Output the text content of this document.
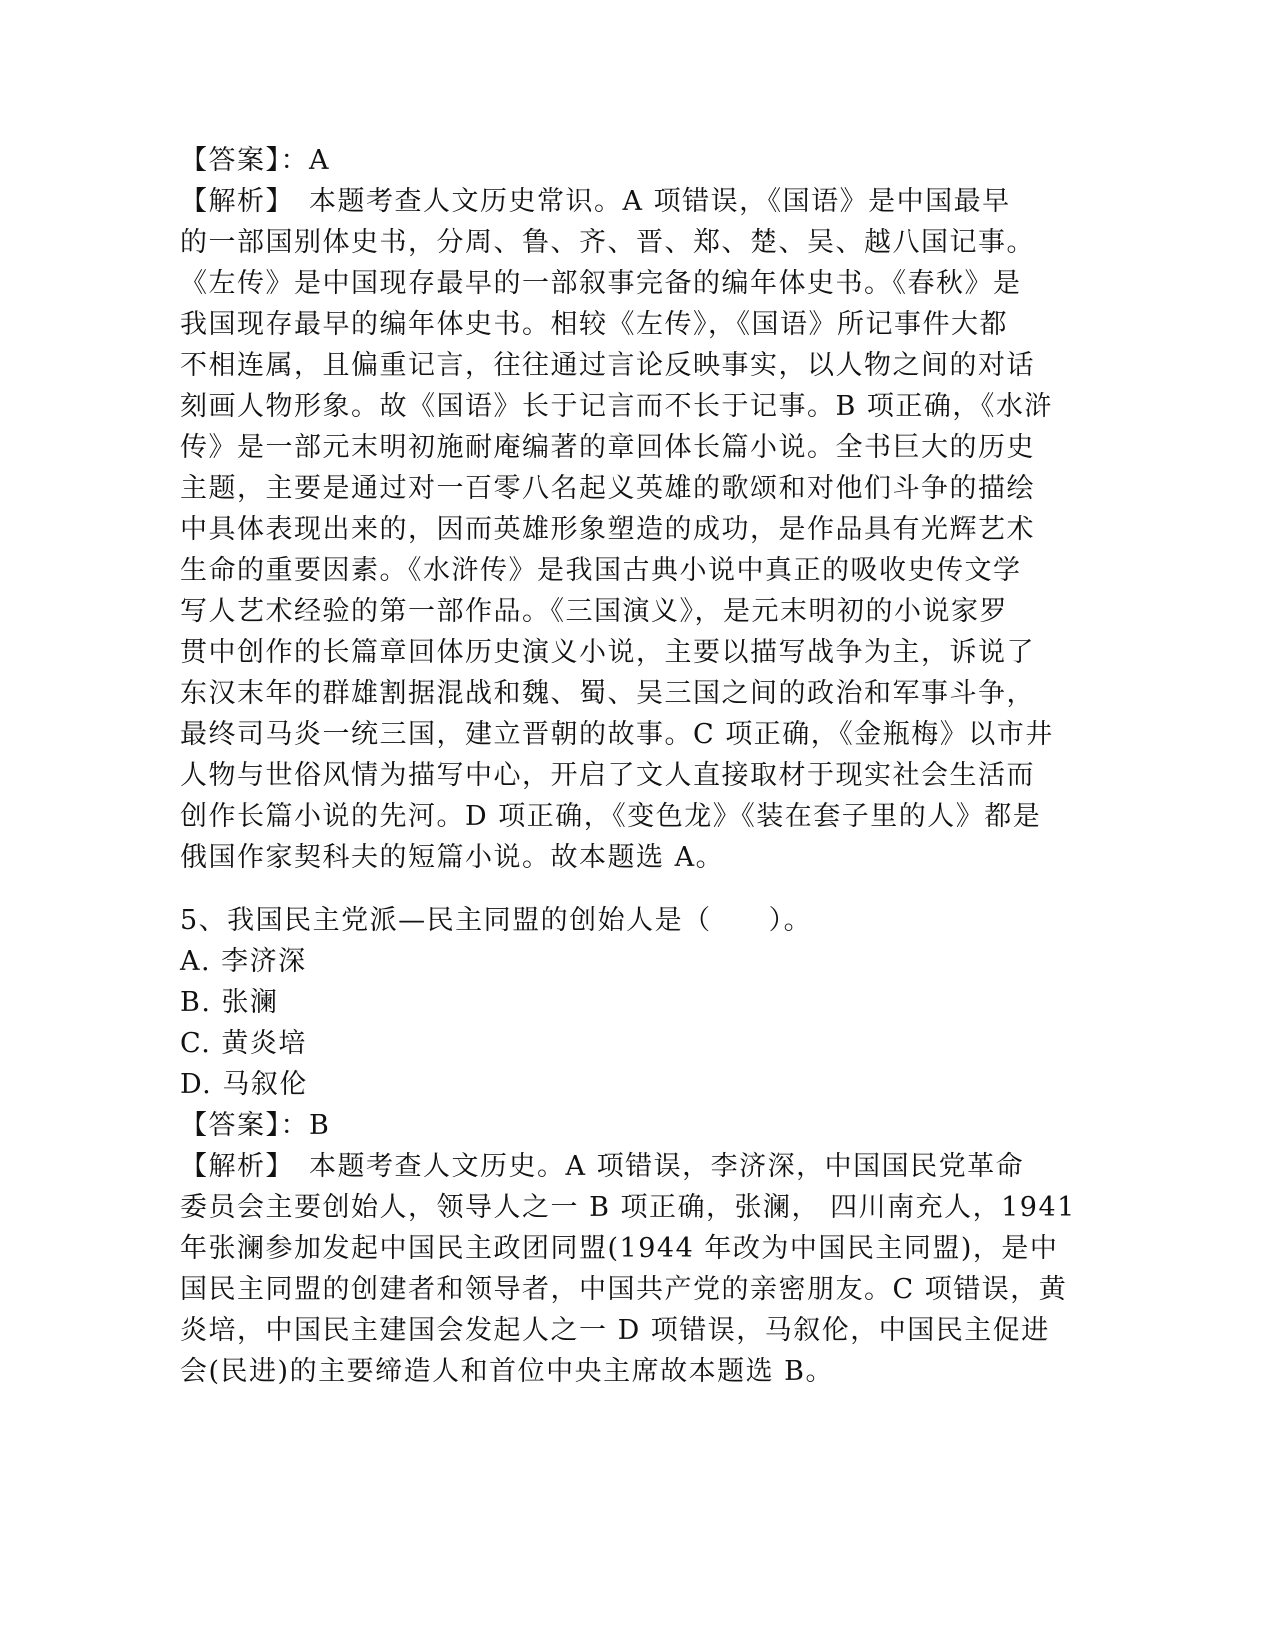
【答案】：A
【解析】　本题考查人文历史常识。A 项错误，《国语》是中国最早
的一部国别体史书，分周、鲁、齐、晋、郑、楚、吴、越八国记事。
《左传》是中国现存最早的一部叙事完备的编年体史书。《春秋》是
我国现存最早的编年体史书。相较《左传》，《国语》所记事件大都
不相连属，且偏重记言，往往通过言论反映事实，以人物之间的对话
刻画人物形象。故《国语》长于记言而不长于记事。B 项正确，《水浒
传》是一部元末明初施耐庵编著的章回体长篇小说。全书巨大的历史
主题，主要是通过对一百零八名起义英雄的歌颂和对他们斗争的描绘
中具体表现出来的，因而英雄形象塑造的成功，是作品具有光辉艺术
生命的重要因素。《水浒传》是我国古典小说中真正的吸收史传文学
写人艺术经验的第一部作品。《三国演义》，是元末明初的小说家罗
贯中创作的长篇章回体历史演义小说，主要以描写战争为主，诉说了
东汉末年的群雄割据混战和魏、蜀、吴三国之间的政治和军事斗争，
最终司马炎一统三国，建立晋朝的故事。C 项正确，《金瓶梅》以市井
人物与世俗风情为描写中心，开启了文人直接取材于现实社会生活而
创作长篇小说的先河。D 项正确，《变色龙》《装在套子里的人》都是
俄国作家契科夫的短篇小说。故本题选 A。
5、我国民主党派—民主同盟的创始人是（　　）。
A. 李济深
B. 张澜
C. 黄炎培
D. 马叙伦
【答案】：B
【解析】　本题考查人文历史。A 项错误，李济深，中国国民党革命
委员会主要创始人，领导人之一 B 项正确，张澜， 四川南充人，1941
年张澜参加发起中国民主政团同盟(1944 年改为中国民主同盟)，是中
国民主同盟的创建者和领导者，中国共产党的亲密朋友。C 项错误，黄
炎培，中国民主建国会发起人之一 D 项错误，马叙伦，中国民主促进
会(民进)的主要缔造人和首位中央主席故本题选 B。
